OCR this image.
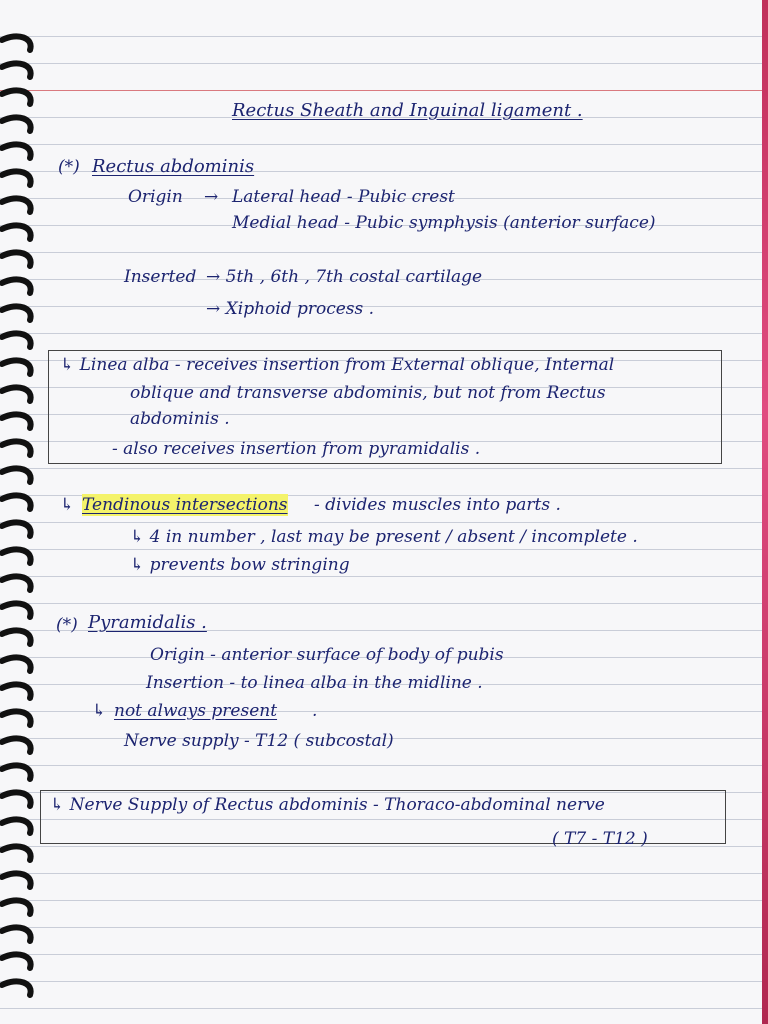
Rectus Sheath and Inguinal ligament .
(*) Rectus abdominis
Origin → Lateral head - Pubic crest
Medial head - Pubic symphysis (anterior surface)
Inserted → 5th , 6th , 7th costal cartilage
→ Xiphoid process .
↳ Linea alba - receives insertion from External oblique, Internal
oblique and transverse abdominis, but not from Rectus
abdominis .
- also receives insertion from pyramidalis .
↳ Tendinous intersections - divides muscles into parts .
↳ 4 in number , last may be present / absent / incomplete .
↳ prevents bow stringing
(*) Pyramidalis .
Origin - anterior surface of body of pubis
Insertion - to linea alba in the midline .
↳ not always present .
Nerve supply - T12 ( subcostal)
↳ Nerve Supply of Rectus abdominis - Thoraco-abdominal nerve
( T7 - T12 )
